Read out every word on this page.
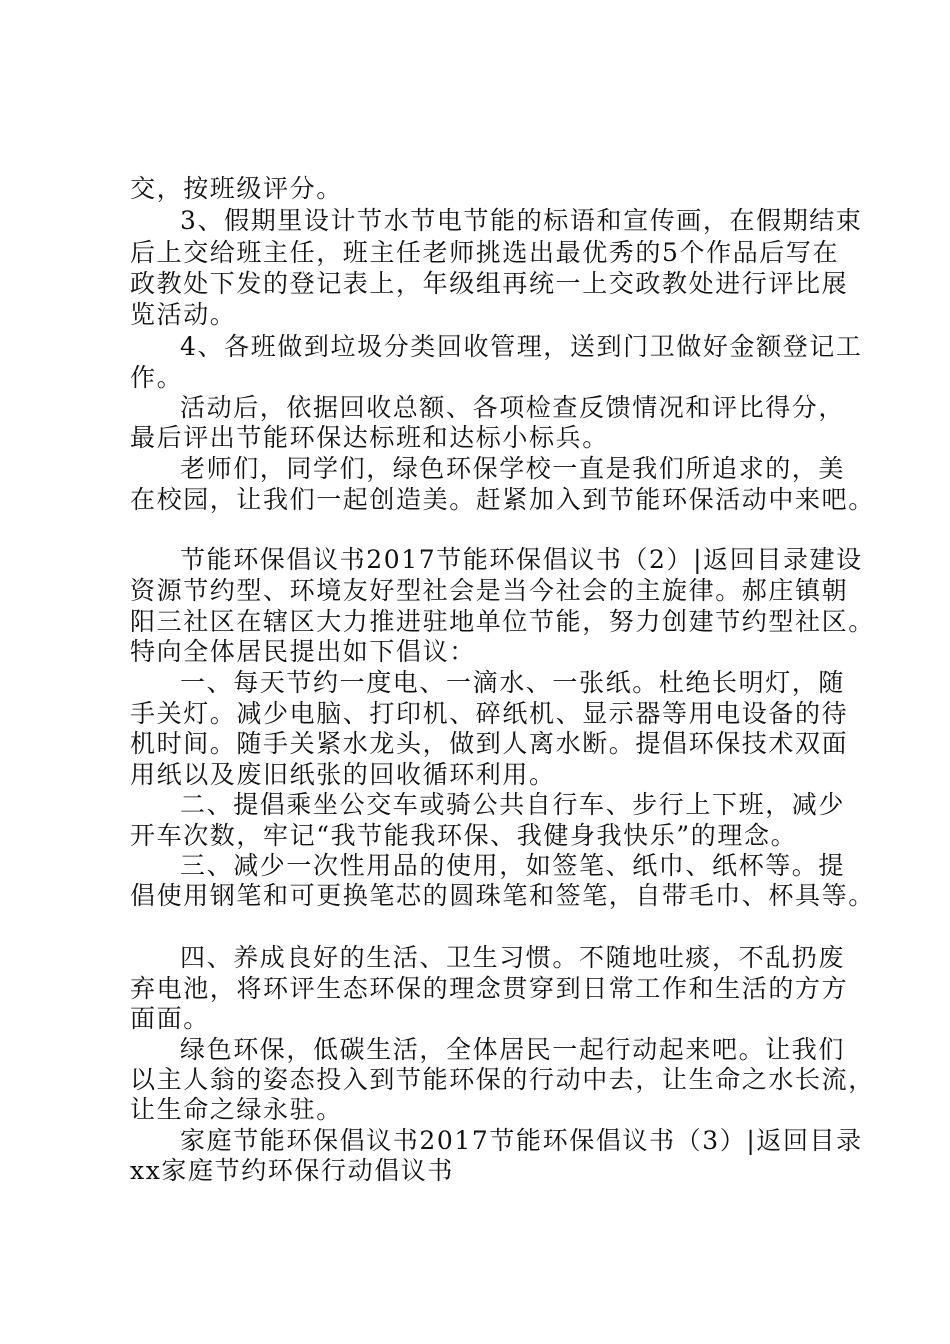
交，按班级评分。
3、假期里设计节水节电节能的标语和宣传画，在假期结束
后上交给班主任，班主任老师挑选出最优秀的5个作品后写在
政教处下发的登记表上，年级组再统一上交政教处进行评比展
览活动。
4、各班做到垃圾分类回收管理，送到门卫做好金额登记工
作。
活动后，依据回收总额、各项检查反馈情况和评比得分，
最后评出节能环保达标班和达标小标兵。
老师们，同学们，绿色环保学校一直是我们所追求的，美
在校园，让我们一起创造美。赶紧加入到节能环保活动中来吧。
节能环保倡议书2017节能环保倡议书（2）|返回目录建设
资源节约型、环境友好型社会是当今社会的主旋律。郝庄镇朝
阳三社区在辖区大力推进驻地单位节能，努力创建节约型社区。
特向全体居民提出如下倡议：
一、每天节约一度电、一滴水、一张纸。杜绝长明灯，随
手关灯。减少电脑、打印机、碎纸机、显示器等用电设备的待
机时间。随手关紧水龙头，做到人离水断。提倡环保技术双面
用纸以及废旧纸张的回收循环利用。
二、提倡乘坐公交车或骑公共自行车、步行上下班，减少
开车次数，牢记“我节能我环保、我健身我快乐”的理念。
三、减少一次性用品的使用，如签笔、纸巾、纸杯等。提
倡使用钢笔和可更换笔芯的圆珠笔和签笔，自带毛巾、杯具等。
四、养成良好的生活、卫生习惯。不随地吐痰，不乱扔废
弃电池，将环评生态环保的理念贯穿到日常工作和生活的方方
面面。
绿色环保，低碳生活，全体居民一起行动起来吧。让我们
以主人翁的姿态投入到节能环保的行动中去，让生命之水长流，
让生命之绿永驻。
家庭节能环保倡议书2017节能环保倡议书（3）|返回目录
xx家庭节约环保行动倡议书
